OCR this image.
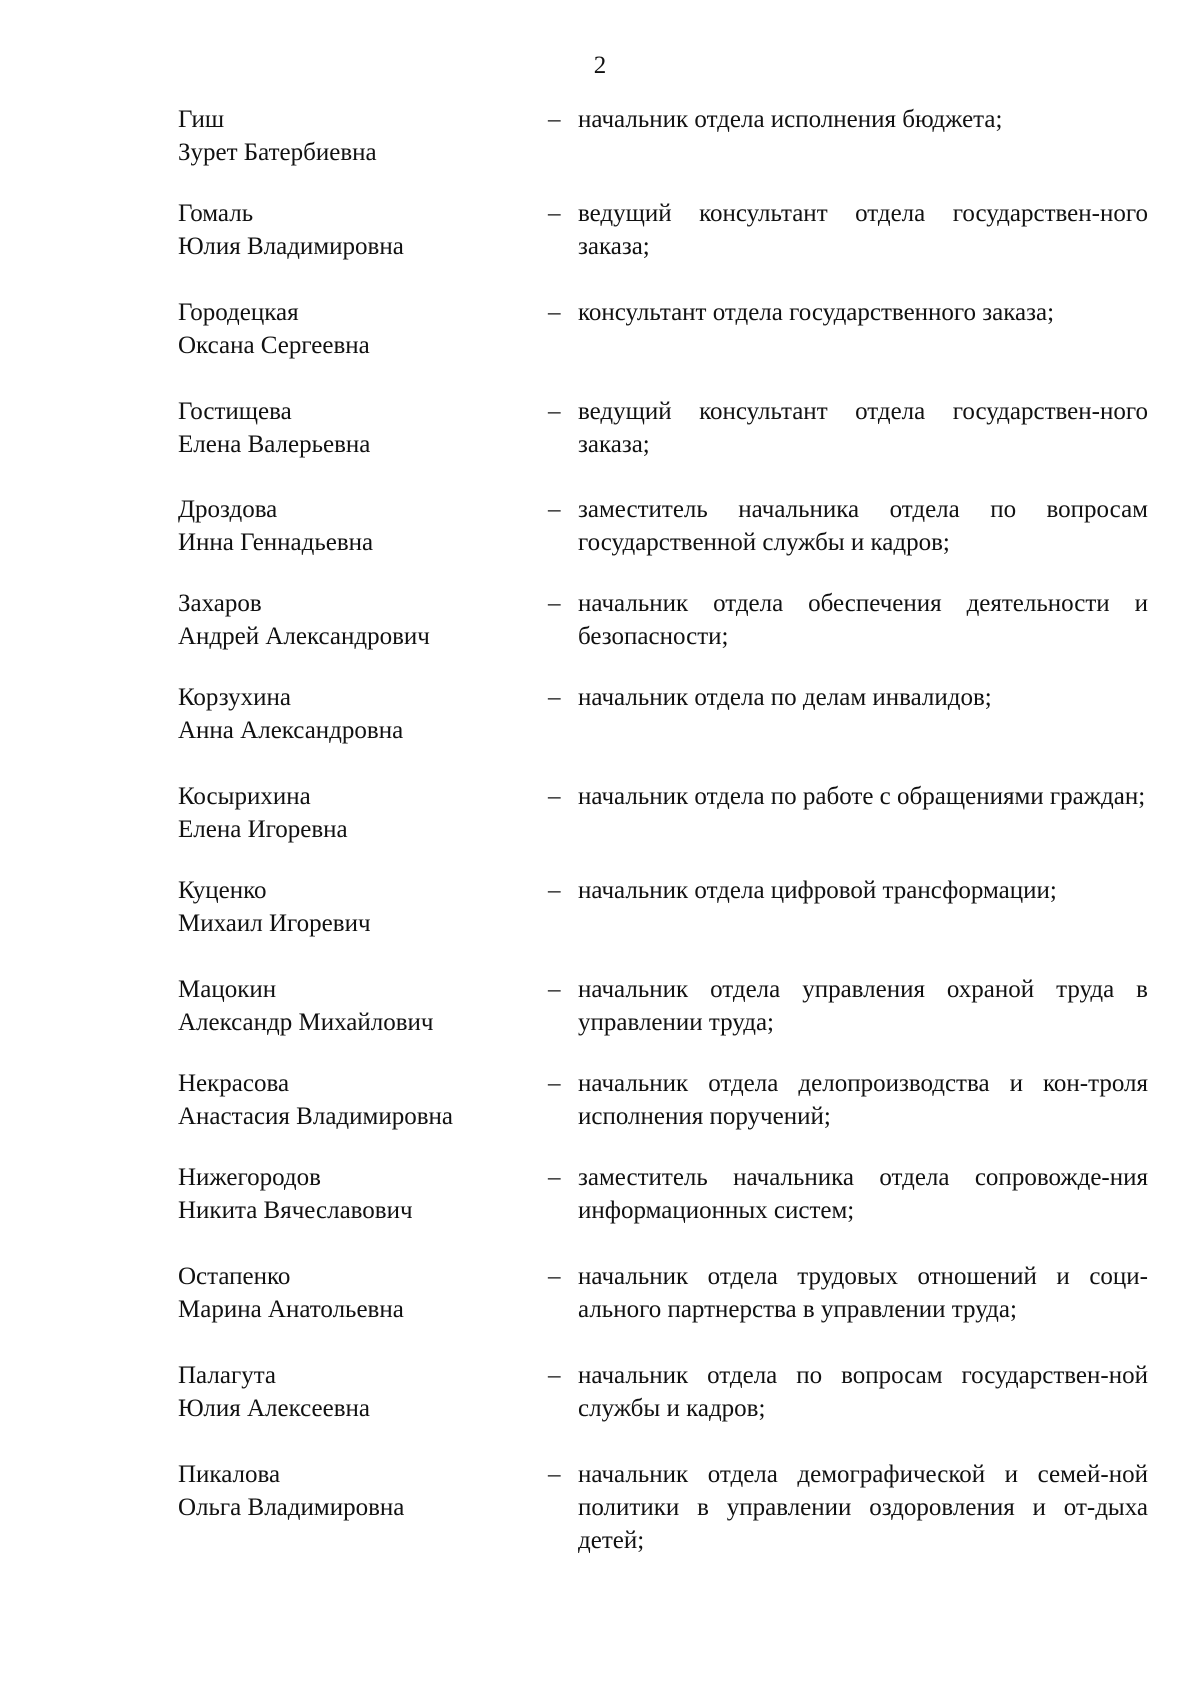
2
Гиш
Зурет Батербиевна
– начальник отдела исполнения бюджета;
Гомаль
Юлия Владимировна
– ведущий консультант отдела государствен-ного заказа;
Городецкая
Оксана Сергеевна
– консультант отдела государственного заказа;
Гостищева
Елена Валерьевна
– ведущий консультант отдела государствен-ного заказа;
Дроздова
Инна Геннадьевна
– заместитель начальника отдела по вопросам государственной службы и кадров;
Захаров
Андрей Александрович
– начальник отдела обеспечения деятельности и безопасности;
Корзухина
Анна Александровна
– начальник отдела по делам инвалидов;
Косырихина
Елена Игоревна
– начальник отдела по работе с обращениями граждан;
Куценко
Михаил Игоревич
– начальник отдела цифровой трансформации;
Мацокин
Александр Михайлович
– начальник отдела управления охраной труда в управлении труда;
Некрасова
Анастасия Владимировна
– начальник отдела делопроизводства и кон-троля исполнения поручений;
Нижегородов
Никита Вячеславович
– заместитель начальника отдела сопровожде-ния информационных систем;
Остапенко
Марина Анатольевна
– начальник отдела трудовых отношений и соци-ального партнерства в управлении труда;
Палагута
Юлия Алексеевна
– начальник отдела по вопросам государствен-ной службы и кадров;
Пикалова
Ольга Владимировна
– начальник отдела демографической и семей-ной политики в управлении оздоровления и от-дыха детей;
